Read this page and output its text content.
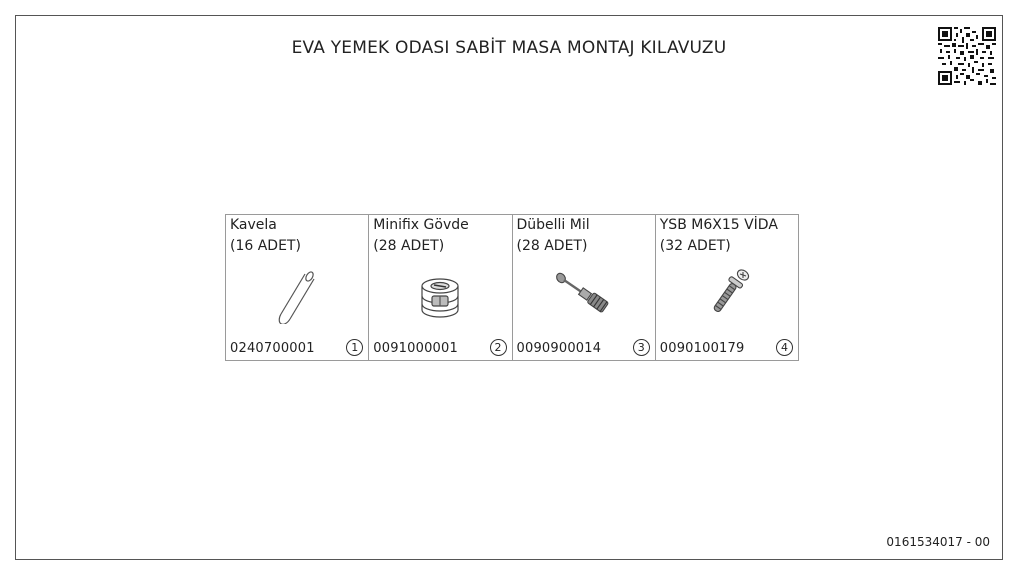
EVA YEMEK ODASI SABİT MASA MONTAJ KILAVUZU
Kavela
(16 ADET)
0240700001	1
Minifix Gövde
(28 ADET)
0091000001	2
Dübelli Mil
(28 ADET)
0090900014	3
YSB M6X15 VİDA
(32 ADET)
0090100179	4
0161534017 - 00
